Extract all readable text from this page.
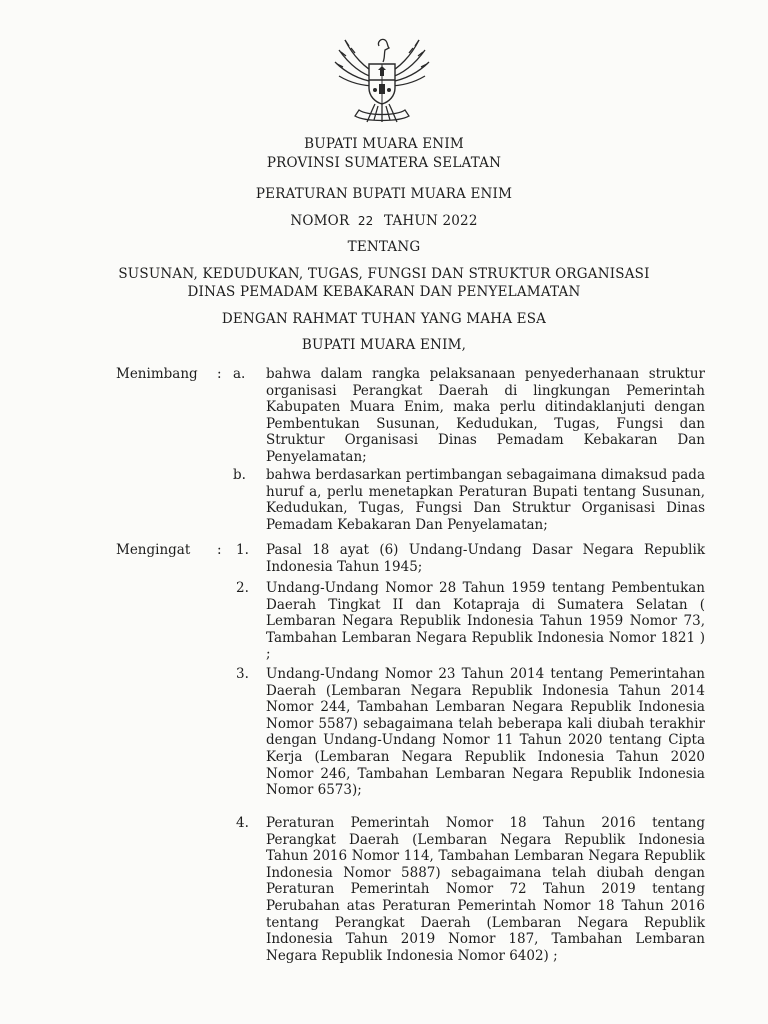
BUPATI MUARA ENIM
PROVINSI SUMATERA SELATAN
PERATURAN BUPATI MUARA ENIM
NOMOR 22 TAHUN 2022
TENTANG
SUSUNAN, KEDUDUKAN, TUGAS, FUNGSI DAN STRUKTUR ORGANISASI
DINAS PEMADAM KEBAKARAN DAN PENYELAMATAN
DENGAN RAHMAT TUHAN YANG MAHA ESA
BUPATI MUARA ENIM,
Menimbang : a. bahwa dalam rangka pelaksanaan penyederhanaan struktur organisasi Perangkat Daerah di lingkungan Pemerintah Kabupaten Muara Enim, maka perlu ditindaklanjuti dengan Pembentukan Susunan, Kedudukan, Tugas, Fungsi dan Struktur Organisasi Dinas Pemadam Kebakaran Dan Penyelamatan;
b. bahwa berdasarkan pertimbangan sebagaimana dimaksud pada huruf a, perlu menetapkan Peraturan Bupati tentang Susunan, Kedudukan, Tugas, Fungsi Dan Struktur Organisasi Dinas Pemadam Kebakaran Dan Penyelamatan;
Mengingat : 1. Pasal 18 ayat (6) Undang-Undang Dasar Negara Republik Indonesia Tahun 1945;
2. Undang-Undang Nomor 28 Tahun 1959 tentang Pembentukan Daerah Tingkat II dan Kotapraja di Sumatera Selatan ( Lembaran Negara Republik Indonesia Tahun 1959 Nomor 73, Tambahan Lembaran Negara Republik Indonesia Nomor 1821 ) ;
3. Undang-Undang Nomor 23 Tahun 2014 tentang Pemerintahan Daerah (Lembaran Negara Republik Indonesia Tahun 2014 Nomor 244, Tambahan Lembaran Negara Republik Indonesia Nomor 5587) sebagaimana telah beberapa kali diubah terakhir dengan Undang-Undang Nomor 11 Tahun 2020 tentang Cipta Kerja (Lembaran Negara Republik Indonesia Tahun 2020 Nomor 246, Tambahan Lembaran Negara Republik Indonesia Nomor 6573);
4. Peraturan Pemerintah Nomor 18 Tahun 2016 tentang Perangkat Daerah (Lembaran Negara Republik Indonesia Tahun 2016 Nomor 114, Tambahan Lembaran Negara Republik Indonesia Nomor 5887) sebagaimana telah diubah dengan Peraturan Pemerintah Nomor 72 Tahun 2019 tentang Perubahan atas Peraturan Pemerintah Nomor 18 Tahun 2016 tentang Perangkat Daerah (Lembaran Negara Republik Indonesia Tahun 2019 Nomor 187, Tambahan Lembaran Negara Republik Indonesia Nomor 6402) ;
